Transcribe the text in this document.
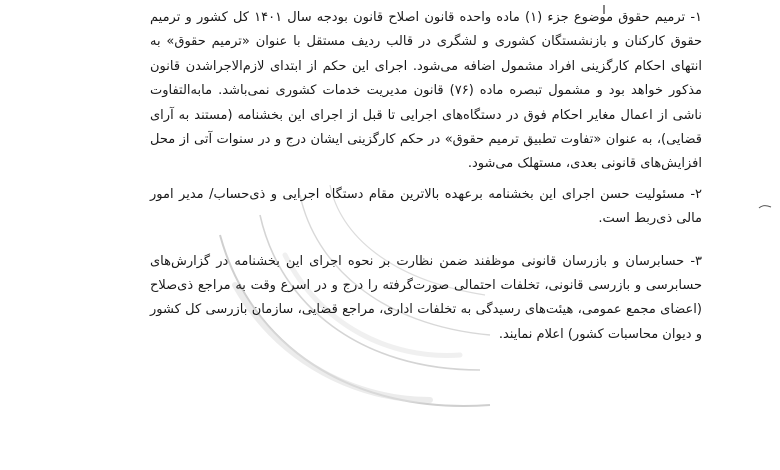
۱- ترمیم حقوق موضوع جزء (۱) ماده واحده قانون اصلاح قانون بودجه سال ۱۴۰۱ کل کشور و ترمیم حقوق کارکنان و بازنشستگان کشوری و لشگری در قالب ردیف مستقل با عنوان «ترمیم حقوق» به انتهای احکام کارگزینی افراد مشمول اضافه می‌شود. اجرای این حکم از ابتدای لازم‌الاجراشدن قانون مذکور خواهد بود و مشمول تبصره ماده (۷۶) قانون مدیریت خدمات کشوری نمی‌باشد. مابه‌التفاوت ناشی از اعمال مغایر احکام فوق در دستگاه‌های اجرایی تا قبل از اجرای این بخشنامه (مستند به آرای قضایی)، به عنوان «تفاوت تطبیق ترمیم حقوق» در حکم کارگزینی ایشان درج و در سنوات آتی از محل افزایش‌های قانونی بعدی، مستهلک می‌شود.

۲- مسئولیت حسن اجرای این بخشنامه برعهده بالاترین مقام دستگاه اجرایی و ذی‌حساب/ مدیر امور مالی ذی‌ربط است.

۳- حسابرسان و بازرسان قانونی موظفند ضمن نظارت بر نحوه اجرای این بخشنامه در گزارش‌های حسابرسی و بازرسی قانونی، تخلفات احتمالی صورت‌گرفته را درج و در اسرع وقت به مراجع ذی‌صلاح (اعضای مجمع عمومی، هیئت‌های رسیدگی به تخلفات اداری، مراجع قضایی، سازمان بازرسی کل کشور و دیوان محاسبات کشور) اعلام نمایند.
